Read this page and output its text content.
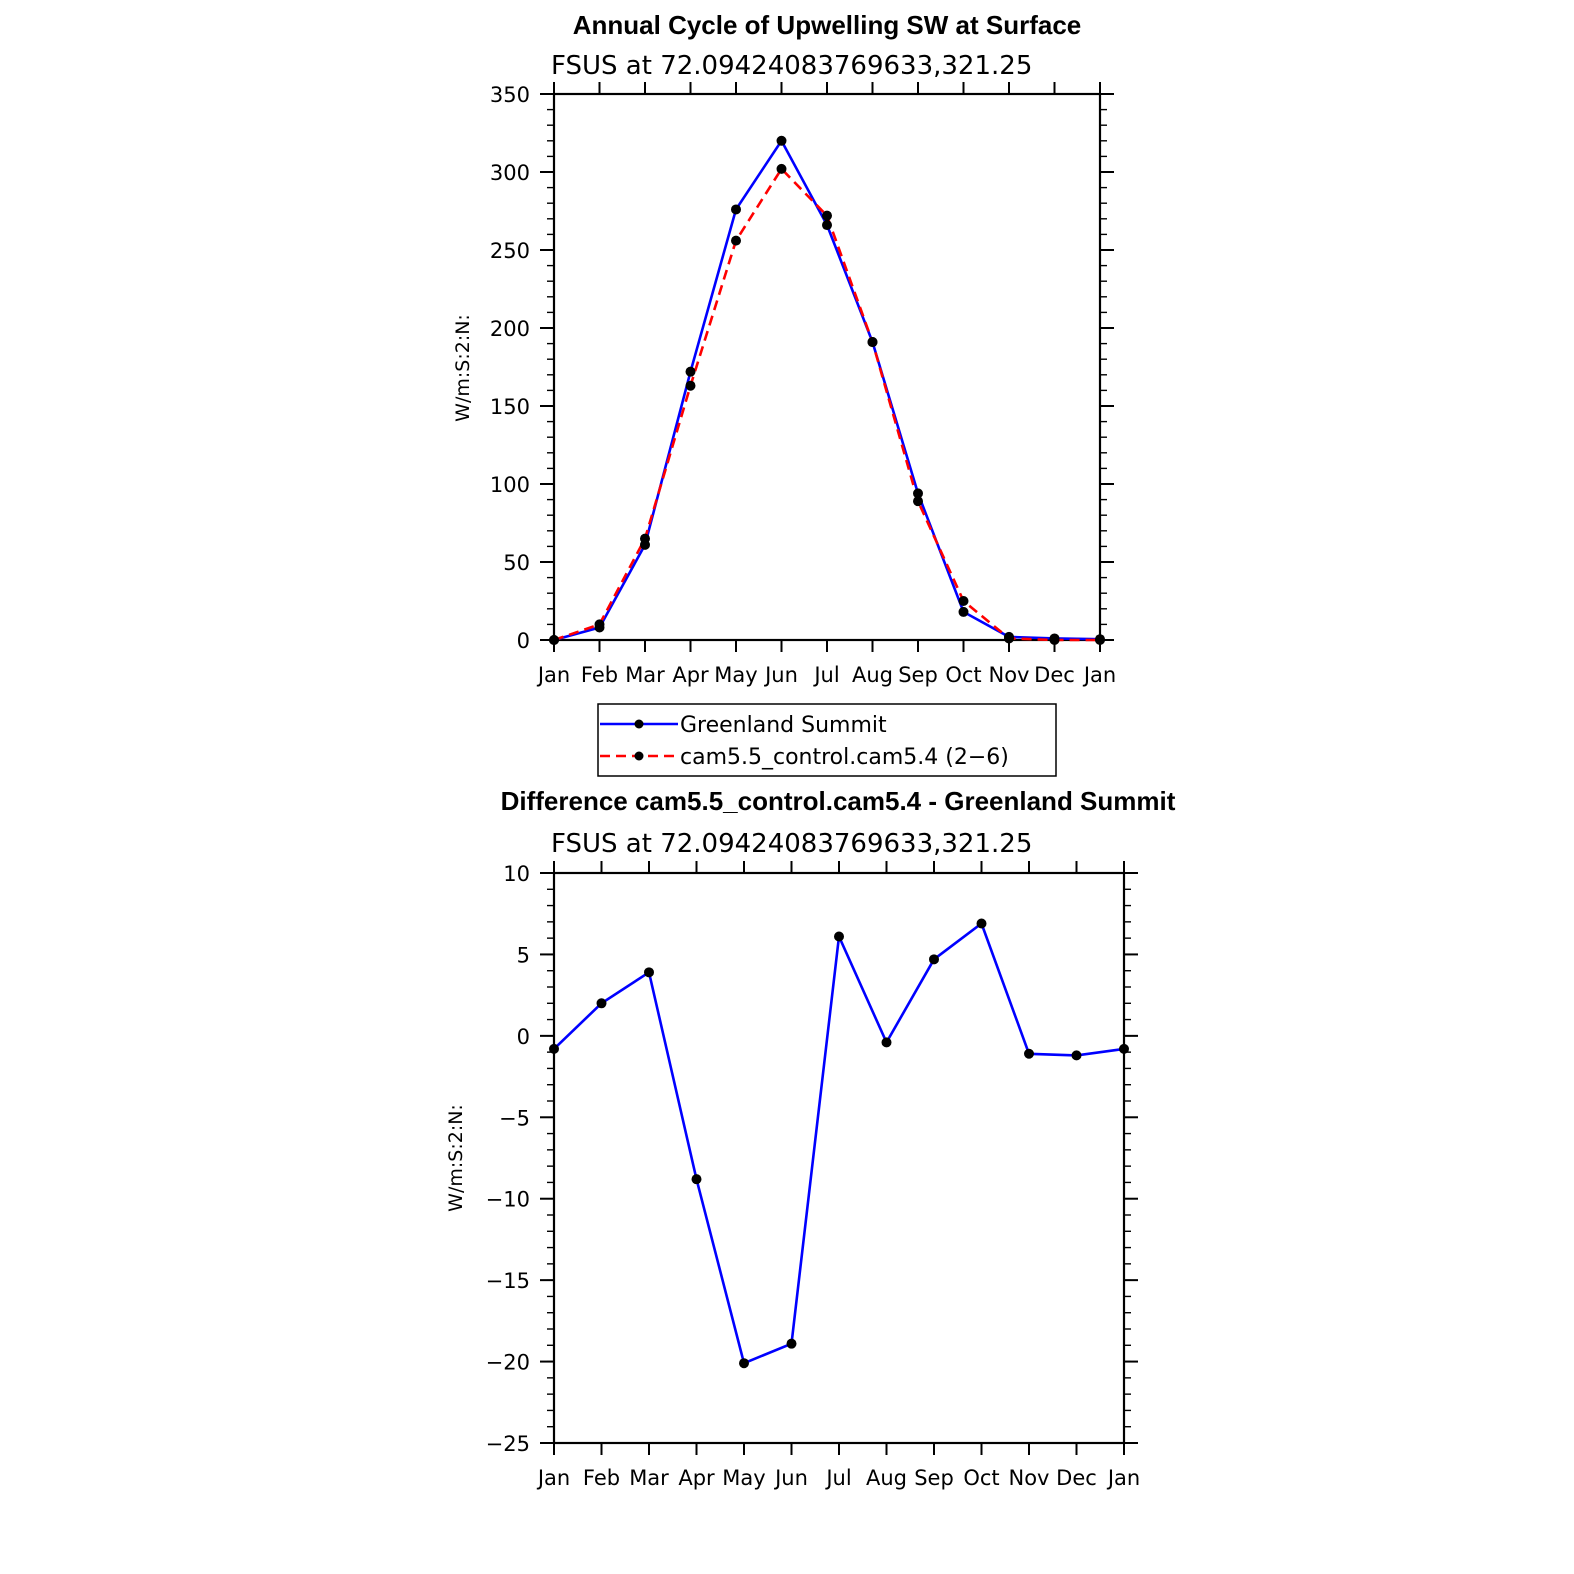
Annual Cycle of Upwelling SW at Surface
FSUS at 72.09424083769633,321.25
W/m:S:2:N:
Jan Feb Mar Apr May Jun Jul Aug Sep Oct Nov Dec Jan
0
50
100
150
200
250
300
350
Greenland Summit
cam5.5_control.cam5.4 (2−6)
Difference cam5.5_control.cam5.4 - Greenland Summit
FSUS at 72.09424083769633,321.25
W/m:S:2:N:
Jan Feb Mar Apr May Jun Jul Aug Sep Oct Nov Dec Jan
−25
−20
−15
−10
−5
0
5
10
